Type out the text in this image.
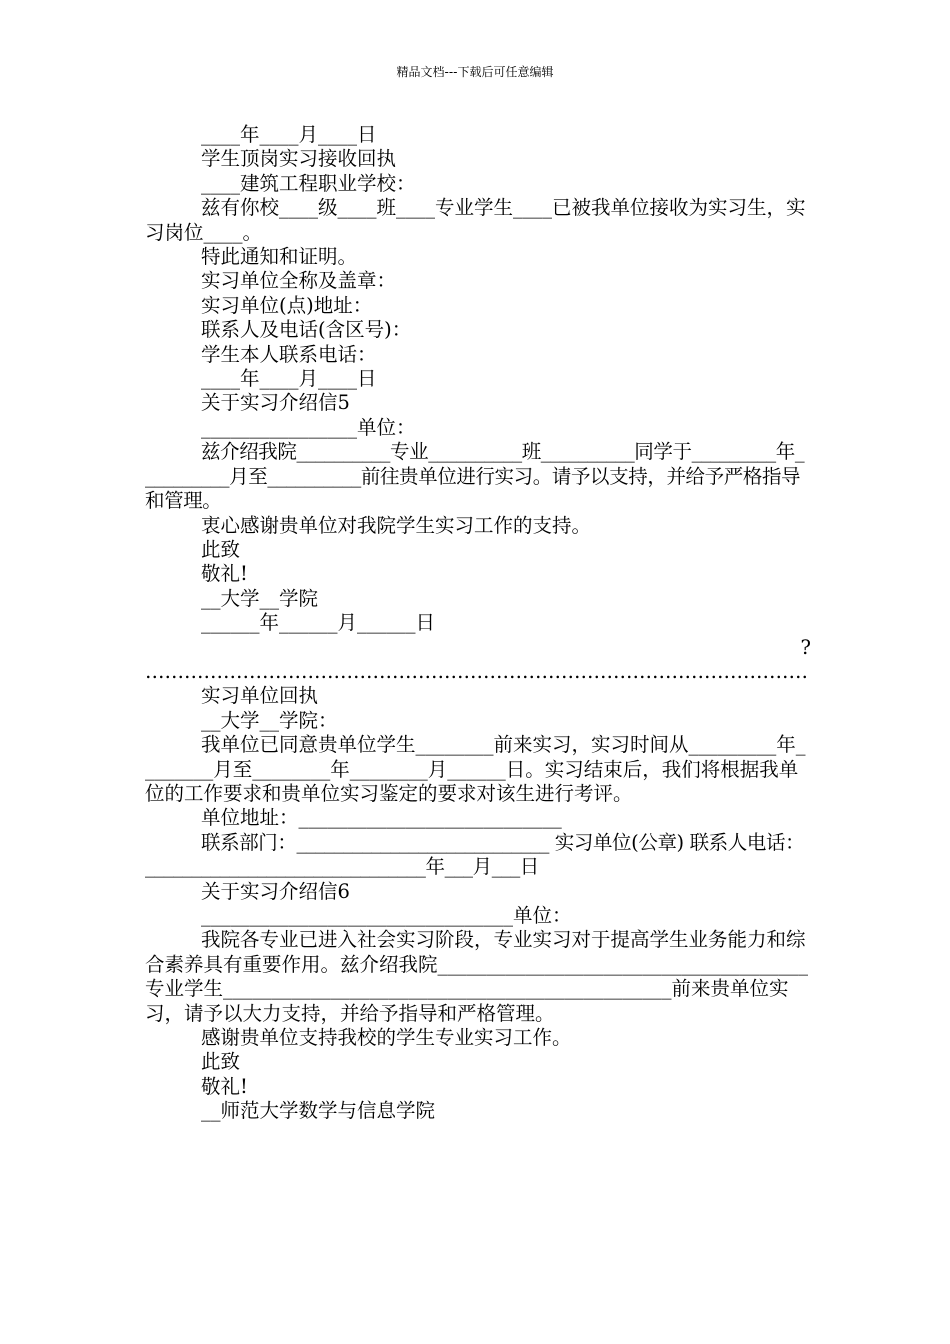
精品文档---下载后可任意编辑

____年____月____日

学生顶岗实习接收回执

____建筑工程职业学校：

兹有你校____级____班____专业学生____已被我单位接收为实习生，实习岗位____。

特此通知和证明。

实习单位全称及盖章：

实习单位(点)地址：

联系人及电话(含区号)：

学生本人联系电话：

____年____月____日

关于实习介绍信5

________________单位：

兹介绍我院__________专业__________班__________同学于_________年__________月至__________前往贵单位进行实习。请予以支持，并给予严格指导和管理。

衷心感谢贵单位对我院学生实习工作的支持。

此致

敬礼!

__大学__学院

______年______月______日

?

…………………………………………………………………………………………

实习单位回执

__大学__学院：

我单位已同意贵单位学生________前来实习，实习时间从_________年________月至________年________月______日。实习结束后，我们将根据我单位的工作要求和贵单位实习鉴定的要求对该生进行考评。

单位地址：___________________________

联系部门：___________________________ 实习单位(公章) 联系人电话：______________________________年___月___日

关于实习介绍信6

________________________________单位：

我院各专业已进入社会实习阶段，专业实习对于提高学生业务能力和综合素养具有重要作用。兹介绍我院______________________________________专业学生______________________________________________前来贵单位实习，请予以大力支持，并给予指导和严格管理。

感谢贵单位支持我校的学生专业实习工作。

此致

敬礼!

__师范大学数学与信息学院
